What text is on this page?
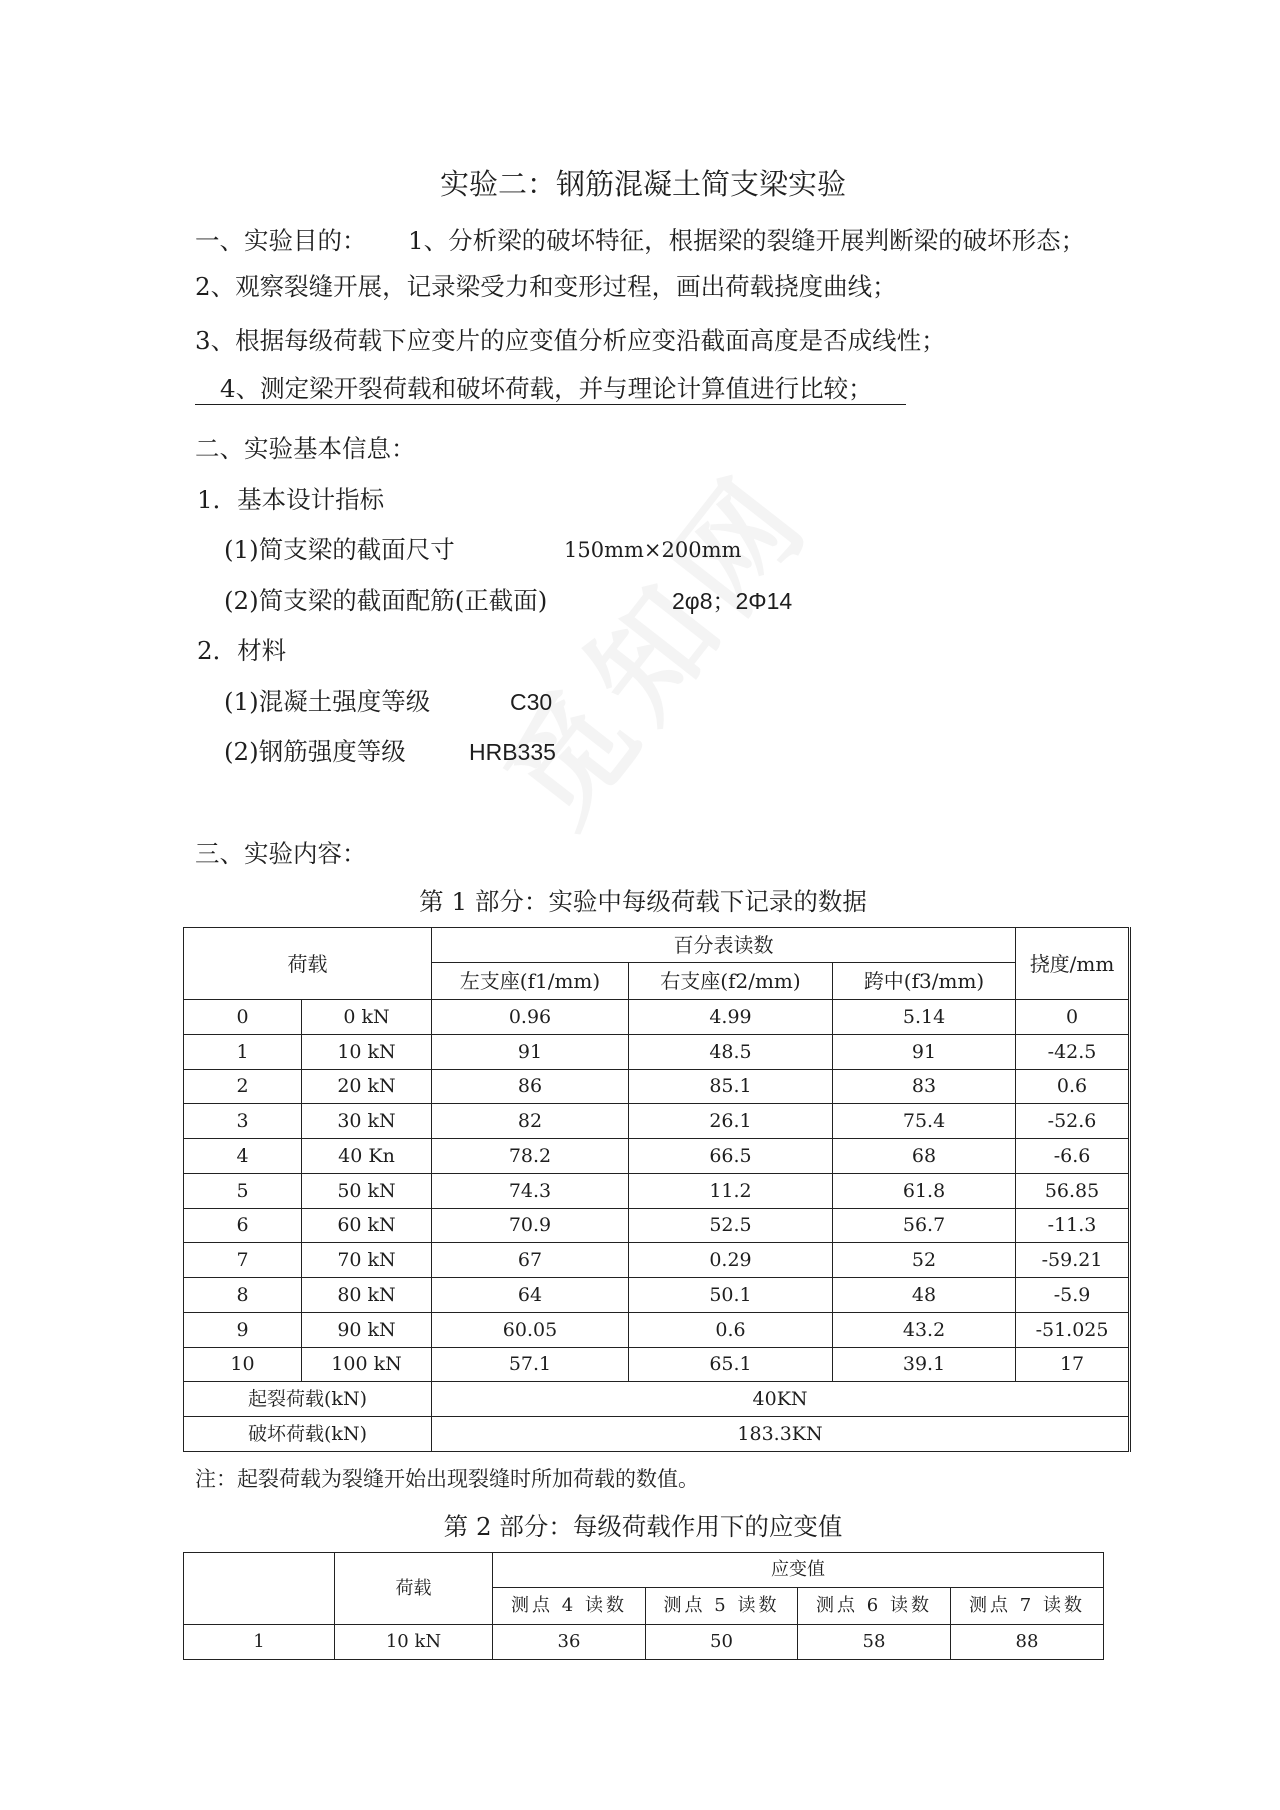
实验二：钢筋混凝土简支梁实验
一、实验目的： 1、分析梁的破坏特征，根据梁的裂缝开展判断梁的破坏形态；
2、观察裂缝开展，记录梁受力和变形过程，画出荷载挠度曲线；
3、根据每级荷载下应变片的应变值分析应变沿截面高度是否成线性；
4、测定梁开裂荷载和破坏荷载，并与理论计算值进行比较；
二、实验基本信息：
1．基本设计指标
(1)简支梁的截面尺寸	150mm×200mm
(2)简支梁的截面配筋(正截面)	2φ8；2Φ14
2．材料
(1)混凝土强度等级	C30
(2)钢筋强度等级	HRB335
三、实验内容：
第 1 部分：实验中每级荷载下记录的数据
荷载		百分表读数			挠度/mm
		左支座(f1/mm)	右支座(f2/mm)	跨中(f3/mm)	
0	0 kN	0.96	4.99	5.14	0
1	10 kN	91	48.5	91	-42.5
2	20 kN	86	85.1	83	0.6
3	30 kN	82	26.1	75.4	-52.6
4	40 Kn	78.2	66.5	68	-6.6
5	50 kN	74.3	11.2	61.8	56.85
6	60 kN	70.9	52.5	56.7	-11.3
7	70 kN	67	0.29	52	-59.21
8	80 kN	64	50.1	48	-5.9
9	90 kN	60.05	0.6	43.2	-51.025
10	100 kN	57.1	65.1	39.1	17
起裂荷载(kN)		40KN			
破坏荷载(kN)		183.3KN			
注：起裂荷载为裂缝开始出现裂缝时所加荷载的数值。
第 2 部分：每级荷载作用下的应变值
	荷载	应变值			
		测点 4 读数	测点 5 读数	测点 6 读数	测点 7 读数
1	10 kN	36	50	58	88
